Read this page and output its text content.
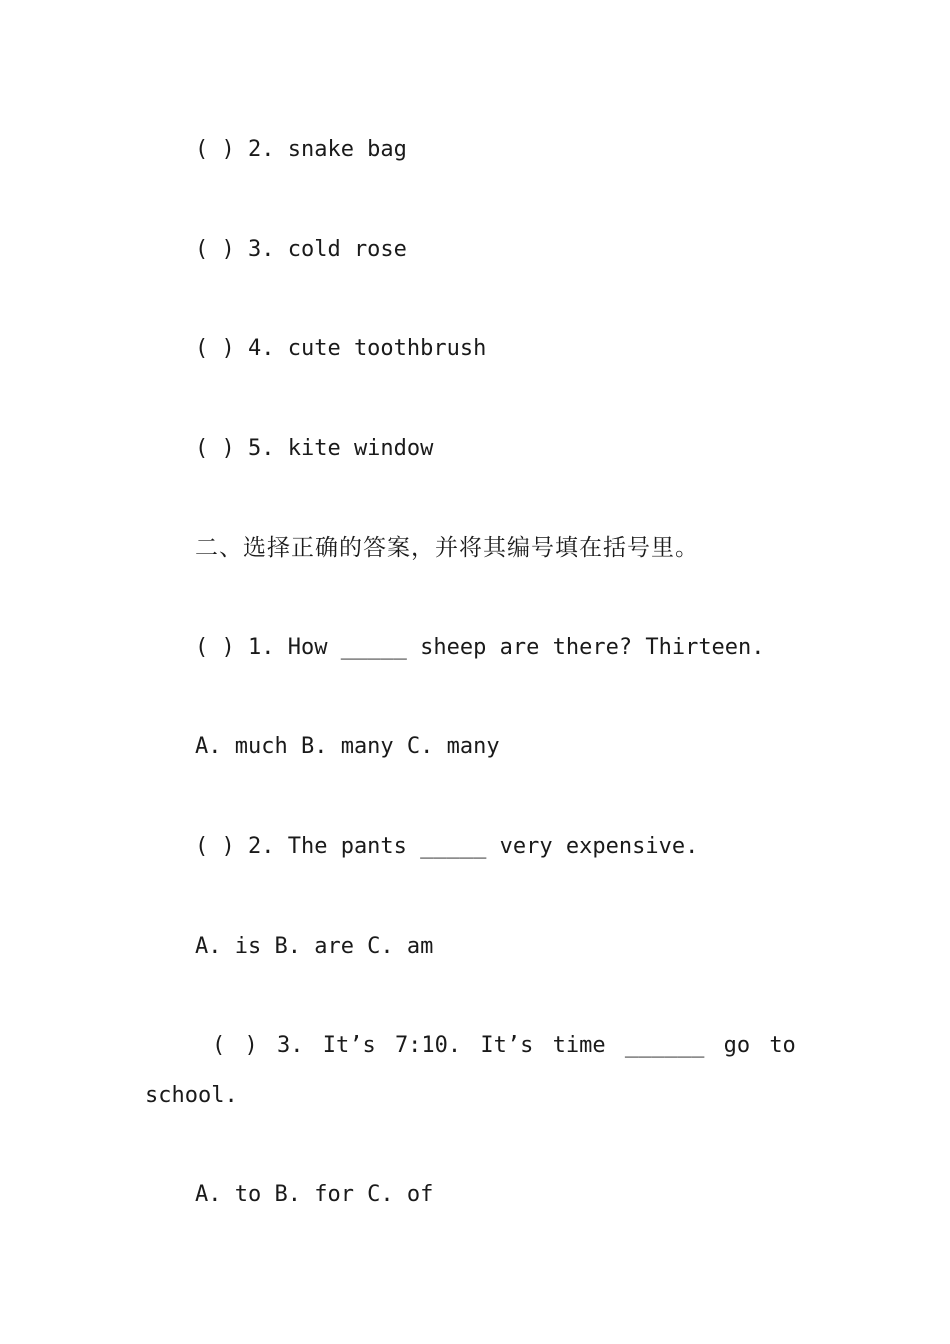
( ) 2. snake bag

( ) 3. cold rose

( ) 4. cute toothbrush

( ) 5. kite window

二、选择正确的答案，并将其编号填在括号里。

( ) 1. How _____ sheep are there? Thirteen.

A. much B. many C. many

( ) 2. The pants _____ very expensive.

A. is B. are C. am

( ) 3. It’s 7:10. It’s time ______ go to

school.

A. to B. for C. of
